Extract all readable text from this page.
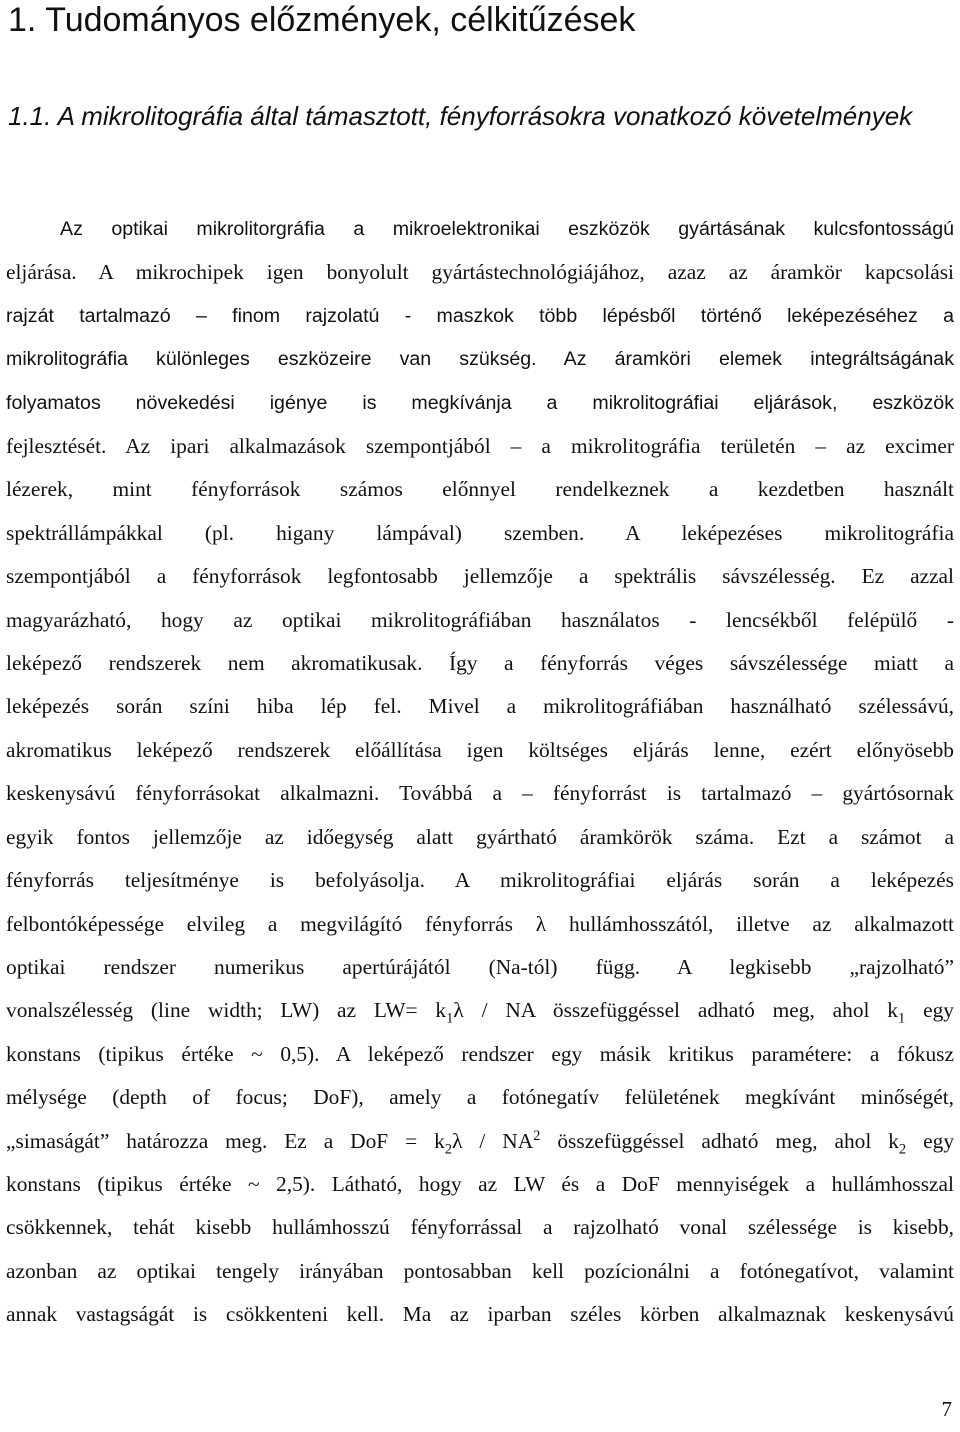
1. Tudományos előzmények, célkitűzések
1.1. A mikrolitográfia által támasztott, fényforrásokra vonatkozó követelmények
Az optikai mikrolitorgráfia a mikroelektronikai eszközök gyártásának kulcsfontosságú
eljárása. A mikrochipek igen bonyolult gyártástechnológiájához, azaz az áramkör kapcsolási
rajzát tartalmazó – finom rajzolatú - maszkok több lépésből történő leképezéséhez a
mikrolitográfia különleges eszközeire van szükség. Az áramköri elemek integráltságának
folyamatos növekedési igénye is megkívánja a mikrolitográfiai eljárások, eszközök
fejlesztését. Az ipari alkalmazások szempontjából – a mikrolitográfia területén – az excimer
lézerek, mint fényforrások számos előnnyel rendelkeznek a kezdetben használt
spektrállámpákkal (pl. higany lámpával) szemben. A leképezéses mikrolitográfia
szempontjából a fényforrások legfontosabb jellemzője a spektrális sávszélesség. Ez azzal
magyarázható, hogy az optikai mikrolitográfiában használatos - lencsékből felépülő -
leképező rendszerek nem akromatikusak. Így a fényforrás véges sávszélessége miatt a
leképezés során színi hiba lép fel. Mivel a mikrolitográfiában használható szélessávú,
akromatikus leképező rendszerek előállítása igen költséges eljárás lenne, ezért előnyösebb
keskenysávú fényforrásokat alkalmazni. Továbbá a – fényforrást is tartalmazó – gyártósornak
egyik fontos jellemzője az időegység alatt gyártható áramkörök száma. Ezt a számot a
fényforrás teljesítménye is befolyásolja. A mikrolitográfiai eljárás során a leképezés
felbontóképessége elvileg a megvilágító fényforrás λ hullámhosszától, illetve az alkalmazott
optikai rendszer numerikus apertúrájától (Na-tól) függ. A legkisebb „rajzolható”
vonalszélesség (line width; LW) az $LW= k_1\lambda$ / NA összefüggéssel adható meg, ahol $k_1$ egy
konstans (tipikus értéke ~ 0,5). A leképező rendszer egy másik kritikus paramétere: a fókusz
mélysége (depth of focus; DoF), amely a fotónegatív felületének megkívánt minőségét,
„simaságát” határozza meg. Ez a DoF = $k_2\lambda / NA^2$ összefüggéssel adható meg, ahol $k_2$ egy
konstans (tipikus értéke ~ 2,5). Látható, hogy az LW és a DoF mennyiségek a hullámhosszal
csökkennek, tehát kisebb hullámhosszú fényforrással a rajzolható vonal szélessége is kisebb,
azonban az optikai tengely irányában pontosabban kell pozícionálni a fotónegatívot, valamint
annak vastagságát is csökkenteni kell. Ma az iparban széles körben alkalmaznak keskenysávú
7
